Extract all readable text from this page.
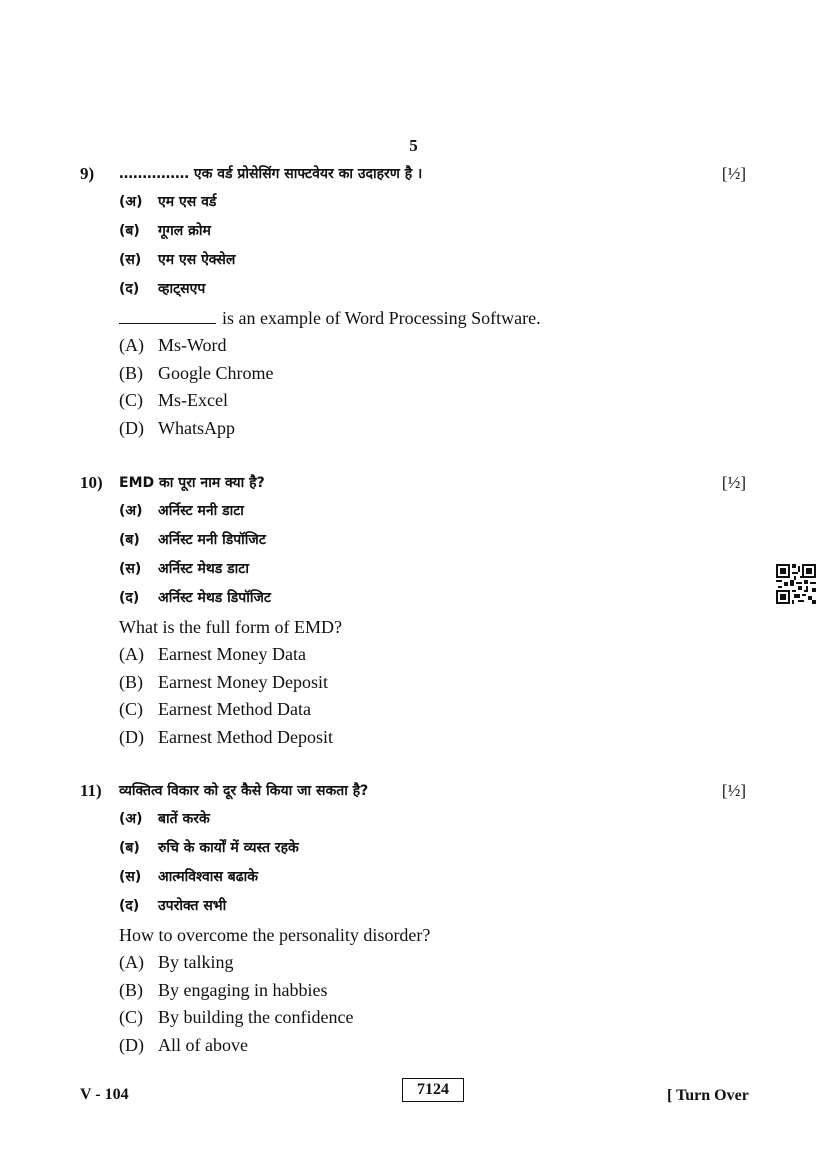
5
9) …………… एक वर्ड प्रोसेसिंग साफ्टवेयर का उदाहरण है ।	[½]
(अ) एम एस वर्ड
(ब) गूगल क्रोम
(स) एम एस ऐक्सेल
(द) व्हाट्सएप
is an example of Word Processing Software.
(A) Ms-Word
(B) Google Chrome
(C) Ms-Excel
(D) WhatsApp
10) EMD का पूरा नाम क्या है?	[½]
(अ) अर्निस्ट मनी डाटा
(ब) अर्निस्ट मनी डिपॉजिट
(स) अर्निस्ट मेथड डाटा
(द) अर्निस्ट मेथड डिपॉजिट
What is the full form of EMD?
(A) Earnest Money Data
(B) Earnest Money Deposit
(C) Earnest Method Data
(D) Earnest Method Deposit
11) व्यक्तित्व विकार को दूर कैसे किया जा सकता है?	[½]
(अ) बातें करके
(ब) रुचि के कार्यों में व्यस्त रहके
(स) आत्मविश्वास बढाके
(द) उपरोक्त सभी
How to overcome the personality disorder?
(A) By talking
(B) By engaging in habbies
(C) By building the confidence
(D) All of above
V - 104	7124	[ Turn Over
